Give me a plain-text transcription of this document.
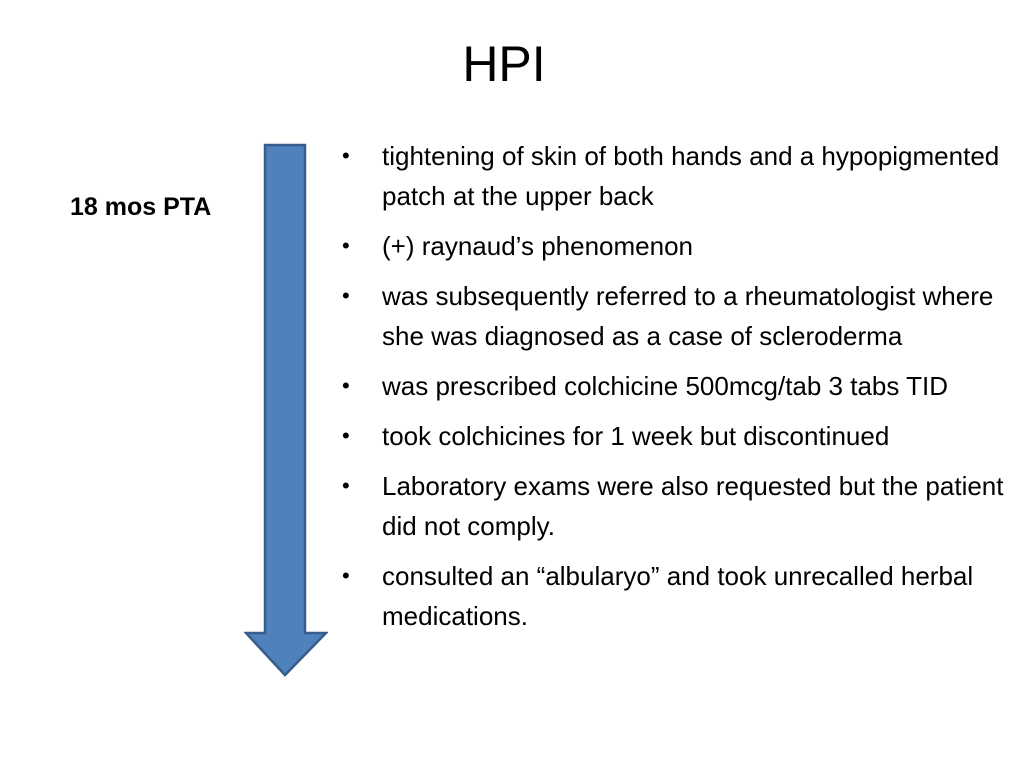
HPI
18 mos PTA
• tightening of skin of both hands and a hypopigmented patch at the upper back
• (+) raynaud’s phenomenon
• was subsequently referred to a rheumatologist where she was diagnosed as a case of scleroderma
• was prescribed colchicine 500mcg/tab 3 tabs TID
• took colchicines for 1 week but discontinued
• Laboratory exams were also requested but the patient did not comply.
• consulted an “albularyo” and took unrecalled herbal medications.
